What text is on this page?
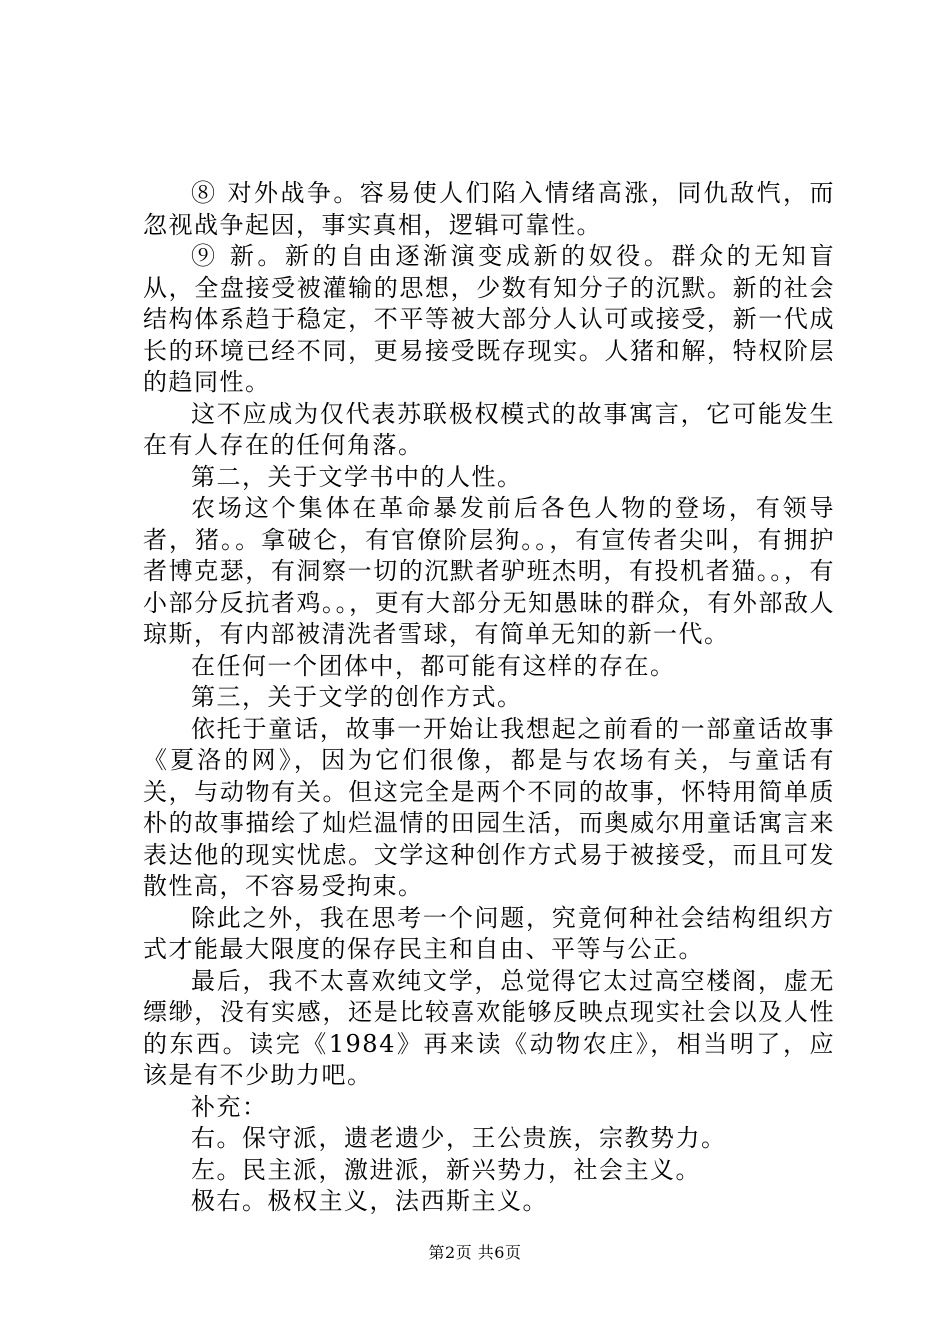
⑧ 对外战争。容易使人们陷入情绪高涨，同仇敌忾，而忽视战争起因，事实真相，逻辑可靠性。

⑨ 新。新的自由逐渐演变成新的奴役。群众的无知盲从，全盘接受被灌输的思想，少数有知分子的沉默。新的社会结构体系趋于稳定，不平等被大部分人认可或接受，新一代成长的环境已经不同，更易接受既存现实。人猪和解，特权阶层的趋同性。

这不应成为仅代表苏联极权模式的故事寓言，它可能发生在有人存在的任何角落。

第二，关于文学书中的人性。

农场这个集体在革命暴发前后各色人物的登场，有领导者，猪。。拿破仑，有官僚阶层狗。。，有宣传者尖叫，有拥护者博克瑟，有洞察一切的沉默者驴班杰明，有投机者猫。。，有小部分反抗者鸡。。，更有大部分无知愚昧的群众，有外部敌人琼斯，有内部被清洗者雪球，有简单无知的新一代。

在任何一个团体中，都可能有这样的存在。

第三，关于文学的创作方式。

依托于童话，故事一开始让我想起之前看的一部童话故事《夏洛的网》，因为它们很像，都是与农场有关，与童话有关，与动物有关。但这完全是两个不同的故事，怀特用简单质朴的故事描绘了灿烂温情的田园生活，而奥威尔用童话寓言来表达他的现实忧虑。文学这种创作方式易于被接受，而且可发散性高，不容易受拘束。

除此之外，我在思考一个问题，究竟何种社会结构组织方式才能最大限度的保存民主和自由、平等与公正。

最后，我不太喜欢纯文学，总觉得它太过高空楼阁，虚无缥缈，没有实感，还是比较喜欢能够反映点现实社会以及人性的东西。读完《1984》再来读《动物农庄》，相当明了，应该是有不少助力吧。

补充：

右。保守派，遗老遗少，王公贵族，宗教势力。

左。民主派，激进派，新兴势力，社会主义。

极右。极权主义，法西斯主义。

第2页 共6页
